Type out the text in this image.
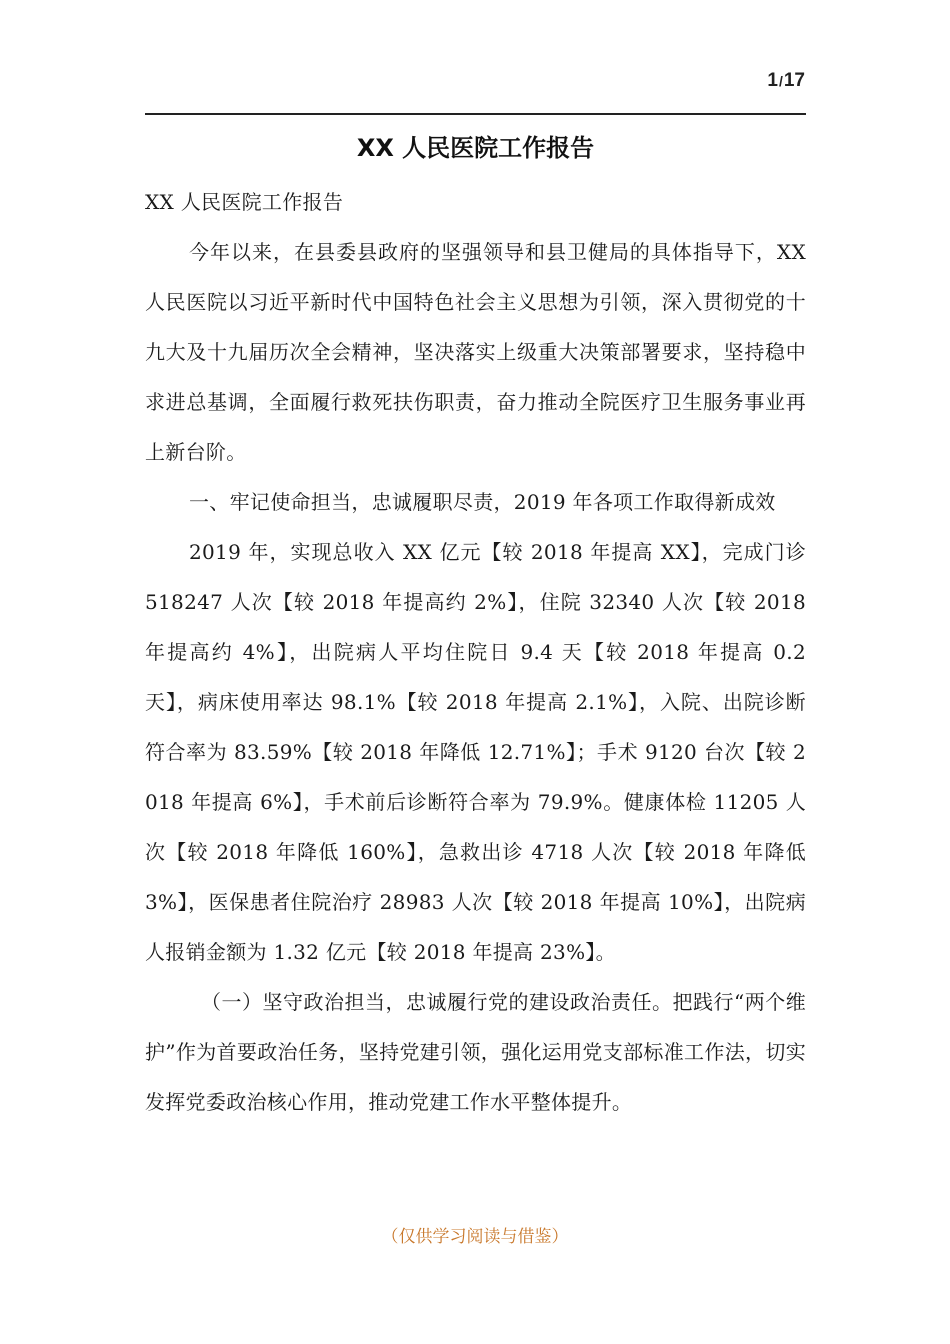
1/17
XX 人民医院工作报告

XX 人民医院工作报告

今年以来，在县委县政府的坚强领导和县卫健局的具体指导下，XX 人民医院以习近平新时代中国特色社会主义思想为引领，深入贯彻党的十九大及十九届历次全会精神，坚决落实上级重大决策部署要求，坚持稳中求进总基调，全面履行救死扶伤职责，奋力推动全院医疗卫生服务事业再上新台阶。

一、牢记使命担当，忠诚履职尽责，2019 年各项工作取得新成效

2019 年，实现总收入 XX 亿元【较 2018 年提高 XX】，完成门诊 518247 人次【较 2018 年提高约 2%】，住院 32340 人次【较 2018 年提高约 4%】，出院病人平均住院日 9.4 天【较 2018 年提高 0.2 天】，病床使用率达 98.1%【较 2018 年提高 2.1%】，入院、出院诊断符合率为 83.59%【较 2018 年降低 12.71%】；手术 9120 台次【较 2018 年提高 6%】，手术前后诊断符合率为 79.9%。健康体检 11205 人次【较 2018 年降低 160%】，急救出诊 4718 人次【较 2018 年降低 3%】，医保患者住院治疗 28983 人次【较 2018 年提高 10%】，出院病人报销金额为 1.32 亿元【较 2018 年提高 23%】。

（一）坚守政治担当，忠诚履行党的建设政治责任。把践行“两个维护”作为首要政治任务，坚持党建引领，强化运用党支部标准工作法，切实发挥党委政治核心作用，推动党建工作水平整体提升。

（仅供学习阅读与借鉴）
